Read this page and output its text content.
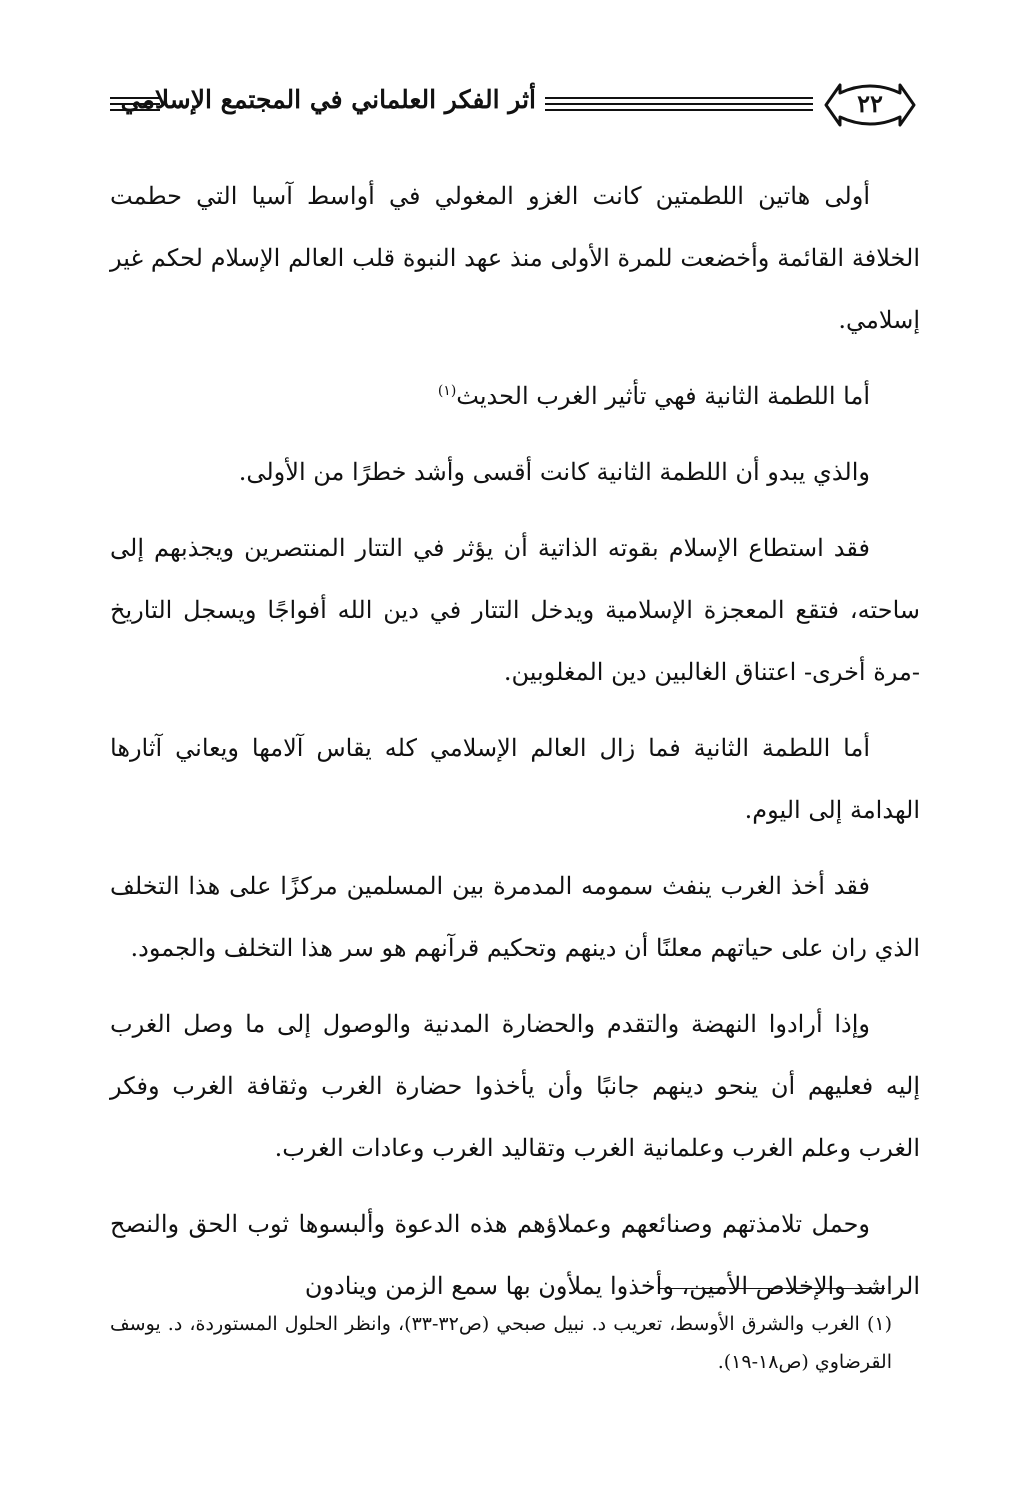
أثر الفكر العلماني في المجتمع الإسلامي	٢٢

أولى هاتين اللطمتين كانت الغزو المغولي في أواسط آسيا التي حطمت الخلافة القائمة وأخضعت للمرة الأولى منذ عهد النبوة قلب العالم الإسلام لحكم غير إسلامي.

أما اللطمة الثانية فهي تأثير الغرب الحديث$^{(١)}$

والذي يبدو أن اللطمة الثانية كانت أقسى وأشد خطرًا من الأولى.

فقد استطاع الإسلام بقوته الذاتية أن يؤثر في التتار المنتصرين ويجذبهم إلى ساحته، فتقع المعجزة الإسلامية ويدخل التتار في دين الله أفواجًا ويسجل التاريخ -مرة أخرى- اعتناق الغالبين دين المغلوبين.

أما اللطمة الثانية فما زال العالم الإسلامي كله يقاس آلامها ويعاني آثارها الهدامة إلى اليوم.

فقد أخذ الغرب ينفث سمومه المدمرة بين المسلمين مركزًا على هذا التخلف الذي ران على حياتهم معلنًا أن دينهم وتحكيم قرآنهم هو سر هذا التخلف والجمود.

وإذا أرادوا النهضة والتقدم والحضارة المدنية والوصول إلى ما وصل الغرب إليه فعليهم أن ينحو دينهم جانبًا وأن يأخذوا حضارة الغرب وثقافة الغرب وفكر الغرب وعلم الغرب وعلمانية الغرب وتقاليد الغرب وعادات الغرب.

وحمل تلامذتهم وصنائعهم وعملاؤهم هذه الدعوة وألبسوها ثوب الحق والنصح الراشد والإخلاص الأمين، وأخذوا يملأون بها سمع الزمن وينادون

(١) الغرب والشرق الأوسط، تعريب د. نبيل صبحي (ص٣٢-٣٣)، وانظر الحلول المستوردة، د. يوسف القرضاوي (ص١٨-١٩).
